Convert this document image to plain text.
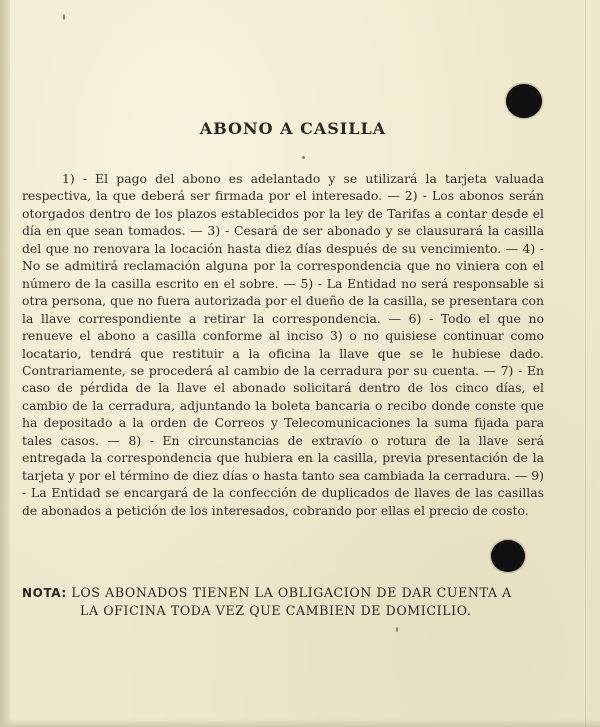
ABONO A CASILLA

1) - El pago del abono es adelantado y se utilizará la tarjeta valuada respectiva, la que deberá ser firmada por el interesado. — 2) - Los abonos serán otorgados dentro de los plazos establecidos por la ley de Tarifas a contar desde el día en que sean tomados. — 3) - Cesará de ser abonado y se clausurará la casilla del que no renovara la locación hasta diez días después de su vencimiento. — 4) - No se admitirá reclamación alguna por la correspondencia que no viniera con el número de la casilla escrito en el sobre. — 5) - La Entidad no será responsable si otra persona, que no fuera autorizada por el dueño de la casilla, se presentara con la llave correspondiente a retirar la correspondencia. — 6) - Todo el que no renueve el abono a casilla conforme al inciso 3) o no quisiese continuar como locatario, tendrá que restituir a la oficina la llave que se le hubiese dado. Contrariamente, se procederá al cambio de la cerradura por su cuenta. — 7) - En caso de pérdida de la llave el abonado solicitará dentro de los cinco días, el cambio de la cerradura, adjuntando la boleta bancaria o recibo donde conste que ha depositado a la orden de Correos y Telecomunicaciones la suma fijada para tales casos. — 8) - En circunstancias de extravío o rotura de la llave será entregada la correspondencia que hubiera en la casilla, previa presentación de la tarjeta y por el término de diez días o hasta tanto sea cambiada la cerradura. — 9) - La Entidad se encargará de la confección de duplicados de llaves de las casillas de abonados a petición de los interesados, cobrando por ellas el precio de costo.

NOTA: LOS ABONADOS TIENEN LA OBLIGACION DE DAR CUENTA A
LA OFICINA TODA VEZ QUE CAMBIEN DE DOMICILIO.
